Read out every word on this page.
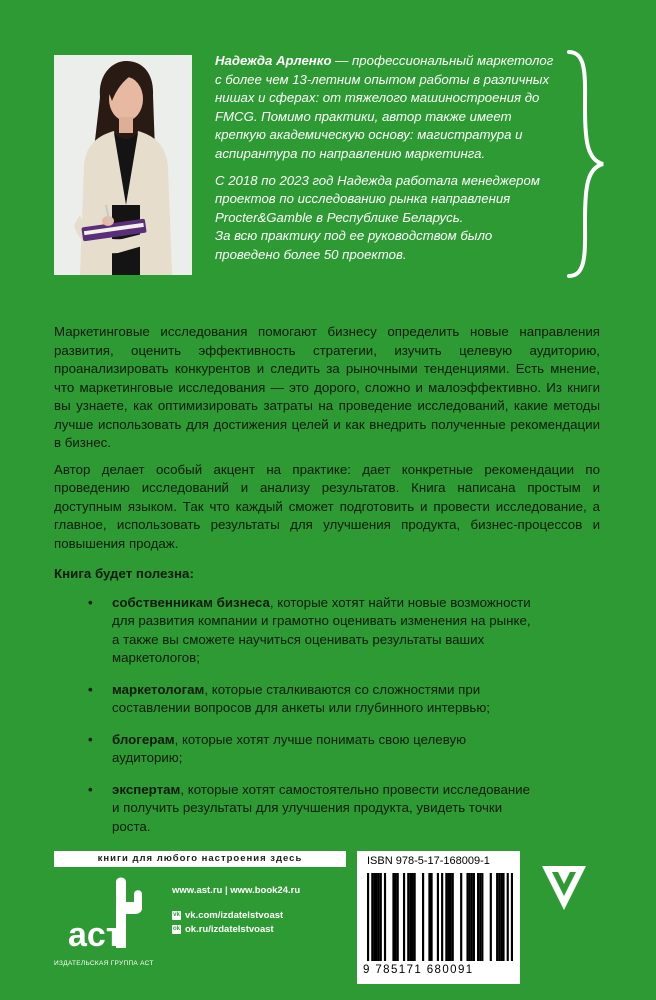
Надежда Арленко — профессиональный маркетолог с более чем 13-летним опытом работы в различных нишах и сферах: от тяжелого машиностроения до FMCG. Помимо практики, автор также имеет крепкую академическую основу: магистратура и аспирантура по направлению маркетинга.

С 2018 по 2023 год Надежда работала менеджером проектов по исследованию рынка направления Procter&Gamble в Республике Беларусь.

За всю практику под ее руководством было проведено более 50 проектов.

Маркетинговые исследования помогают бизнесу определить новые направления развития, оценить эффективность стратегии, изучить целевую аудиторию, проанализировать конкурентов и следить за рыночными тенденциями. Есть мнение, что маркетинговые исследования — это дорого, сложно и малоэффективно. Из книги вы узнаете, как оптимизировать затраты на проведение исследований, какие методы лучше использовать для достижения целей и как внедрить полученные рекомендации в бизнес.

Автор делает особый акцент на практике: дает конкретные рекомендации по проведению исследований и анализу результатов. Книга написана простым и доступным языком. Так что каждый сможет подготовить и провести исследование, а главное, использовать результаты для улучшения продукта, бизнес-процессов и повышения продаж.

Книга будет полезна:
• собственникам бизнеса, которые хотят найти новые возможности для развития компании и грамотно оценивать изменения на рынке, а также вы сможете научиться оценивать результаты ваших маркетологов;
• маркетологам, которые сталкиваются со сложностями при составлении вопросов для анкеты или глубинного интервью;
• блогерам, которые хотят лучше понимать свою целевую аудиторию;
• экспертам, которые хотят самостоятельно провести исследование и получить результаты для улучшения продукта, увидеть точки роста.
книги для любого настроения здесь
аст
ИЗДАТЕЛЬСКАЯ ГРУППА АСТ
www.ast.ru | www.book24.ru
vk vk.com/izdatelstvoast
ok ok.ru/izdatelstvoast
ISBN 978-5-17-168009-1
9 785171 680091
